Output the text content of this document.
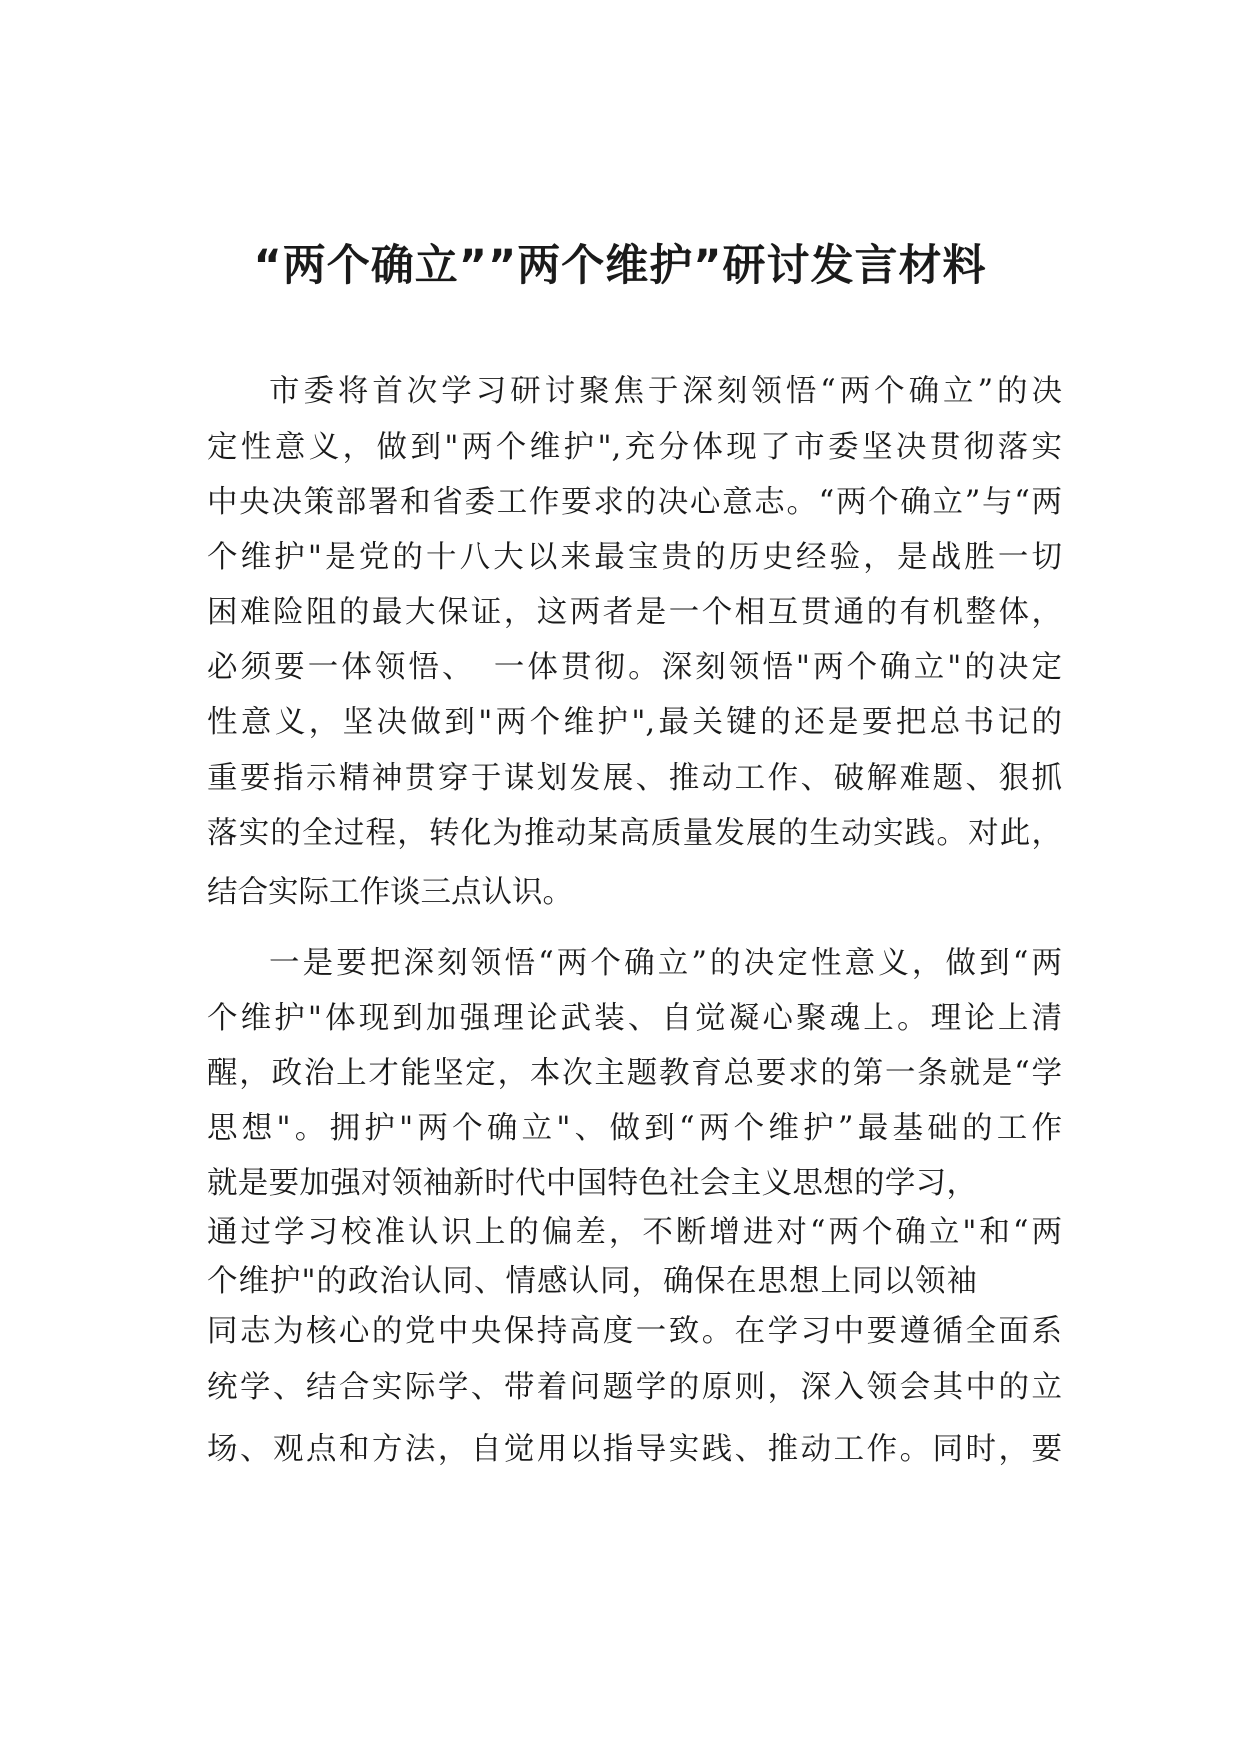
“两个确立””两个维护”研讨发言材料

市委将首次学习研讨聚焦于深刻领悟“两个确立”的决

定性意义，做到"两个维护",充分体现了市委坚决贯彻落实

中央决策部署和省委工作要求的决心意志。“两个确立”与“两

个维护"是党的十八大以来最宝贵的历史经验，是战胜一切

困难险阻的最大保证，这两者是一个相互贯通的有机整体，

必须要一体领悟、　一体贯彻。深刻领悟"两个确立"的决定

性意义，坚决做到"两个维护",最关键的还是要把总书记的

重要指示精神贯穿于谋划发展、推动工作、破解难题、狠抓

落实的全过程，转化为推动某高质量发展的生动实践。对此，

结合实际工作谈三点认识。

一是要把深刻领悟“两个确立”的决定性意义，做到“两

个维护"体现到加强理论武装、自觉凝心聚魂上。理论上清

醒，政治上才能坚定，本次主题教育总要求的第一条就是“学

思想"。拥护"两个确立"、做到“两个维护”最基础的工作

就是要加强对领袖新时代中国特色社会主义思想的学习，

通过学习校准认识上的偏差，不断增进对“两个确立"和“两

个维护"的政治认同、情感认同，确保在思想上同以领袖

同志为核心的党中央保持高度一致。在学习中要遵循全面系

统学、结合实际学、带着问题学的原则，深入领会其中的立

场、观点和方法，自觉用以指导实践、推动工作。同时，要
